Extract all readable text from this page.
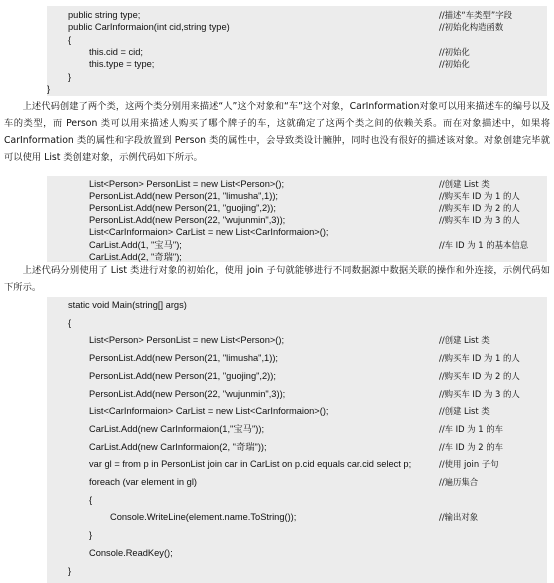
public string type;	//描述“车类型”字段
public CarInformaion(int cid,string type)	//初始化构造函数
{
this.cid = cid;	//初始化
this.type = type;	//初始化
}
}

上述代码创建了两个类，这两个类分别用来描述“人”这个对象和“车”这个对象，CarInformation对象可以用来描述车的编号以及车的类型，而 Person 类可以用来描述人购买了哪个牌子的车，这就确定了这两个类之间的依赖关系。而在对象描述中，如果将 CarInformation 类的属性和字段放置到 Person 类的属性中，会导致类设计臃肿，同时也没有很好的描述该对象。对象创建完毕就可以使用 List 类创建对象，示例代码如下所示。

List<Person> PersonList = new List<Person>();	//创建 List 类
PersonList.Add(new Person(21, "limusha",1));	//购买车 ID 为 1 的人
PersonList.Add(new Person(21, "guojing",2));	//购买车 ID 为 2 的人
PersonList.Add(new Person(22, "wujunmin",3));	//购买车 ID 为 3 的人
List<CarInformaion> CarList = new List<CarInformaion>();
CarList.Add(1, "宝马");	//车 ID 为 1 的基本信息
CarList.Add(2, "奇瑞");

上述代码分别使用了 List 类进行对象的初始化，使用 join 子句就能够进行不同数据源中数据关联的操作和外连接，示例代码如下所示。

static void Main(string[] args)
{
List<Person> PersonList = new List<Person>();	//创建 List 类
PersonList.Add(new Person(21, "limusha",1));	//购买车 ID 为 1 的人
PersonList.Add(new Person(21, "guojing",2));	//购买车 ID 为 2 的人
PersonList.Add(new Person(22, "wujunmin",3));	//购买车 ID 为 3 的人
List<CarInformaion> CarList = new List<CarInformaion>();	//创建 List 类
CarList.Add(new CarInformaion(1,"宝马"));	//车 ID 为 1 的车
CarList.Add(new CarInformaion(2, "奇瑞"));	//车 ID 为 2 的车
var gl = from p in PersonList join car in CarList on p.cid equals car.cid select p;	//使用 join 子句
foreach (var element in gl)	//遍历集合
{
Console.WriteLine(element.name.ToString());	//输出对象
}
Console.ReadKey();
}
